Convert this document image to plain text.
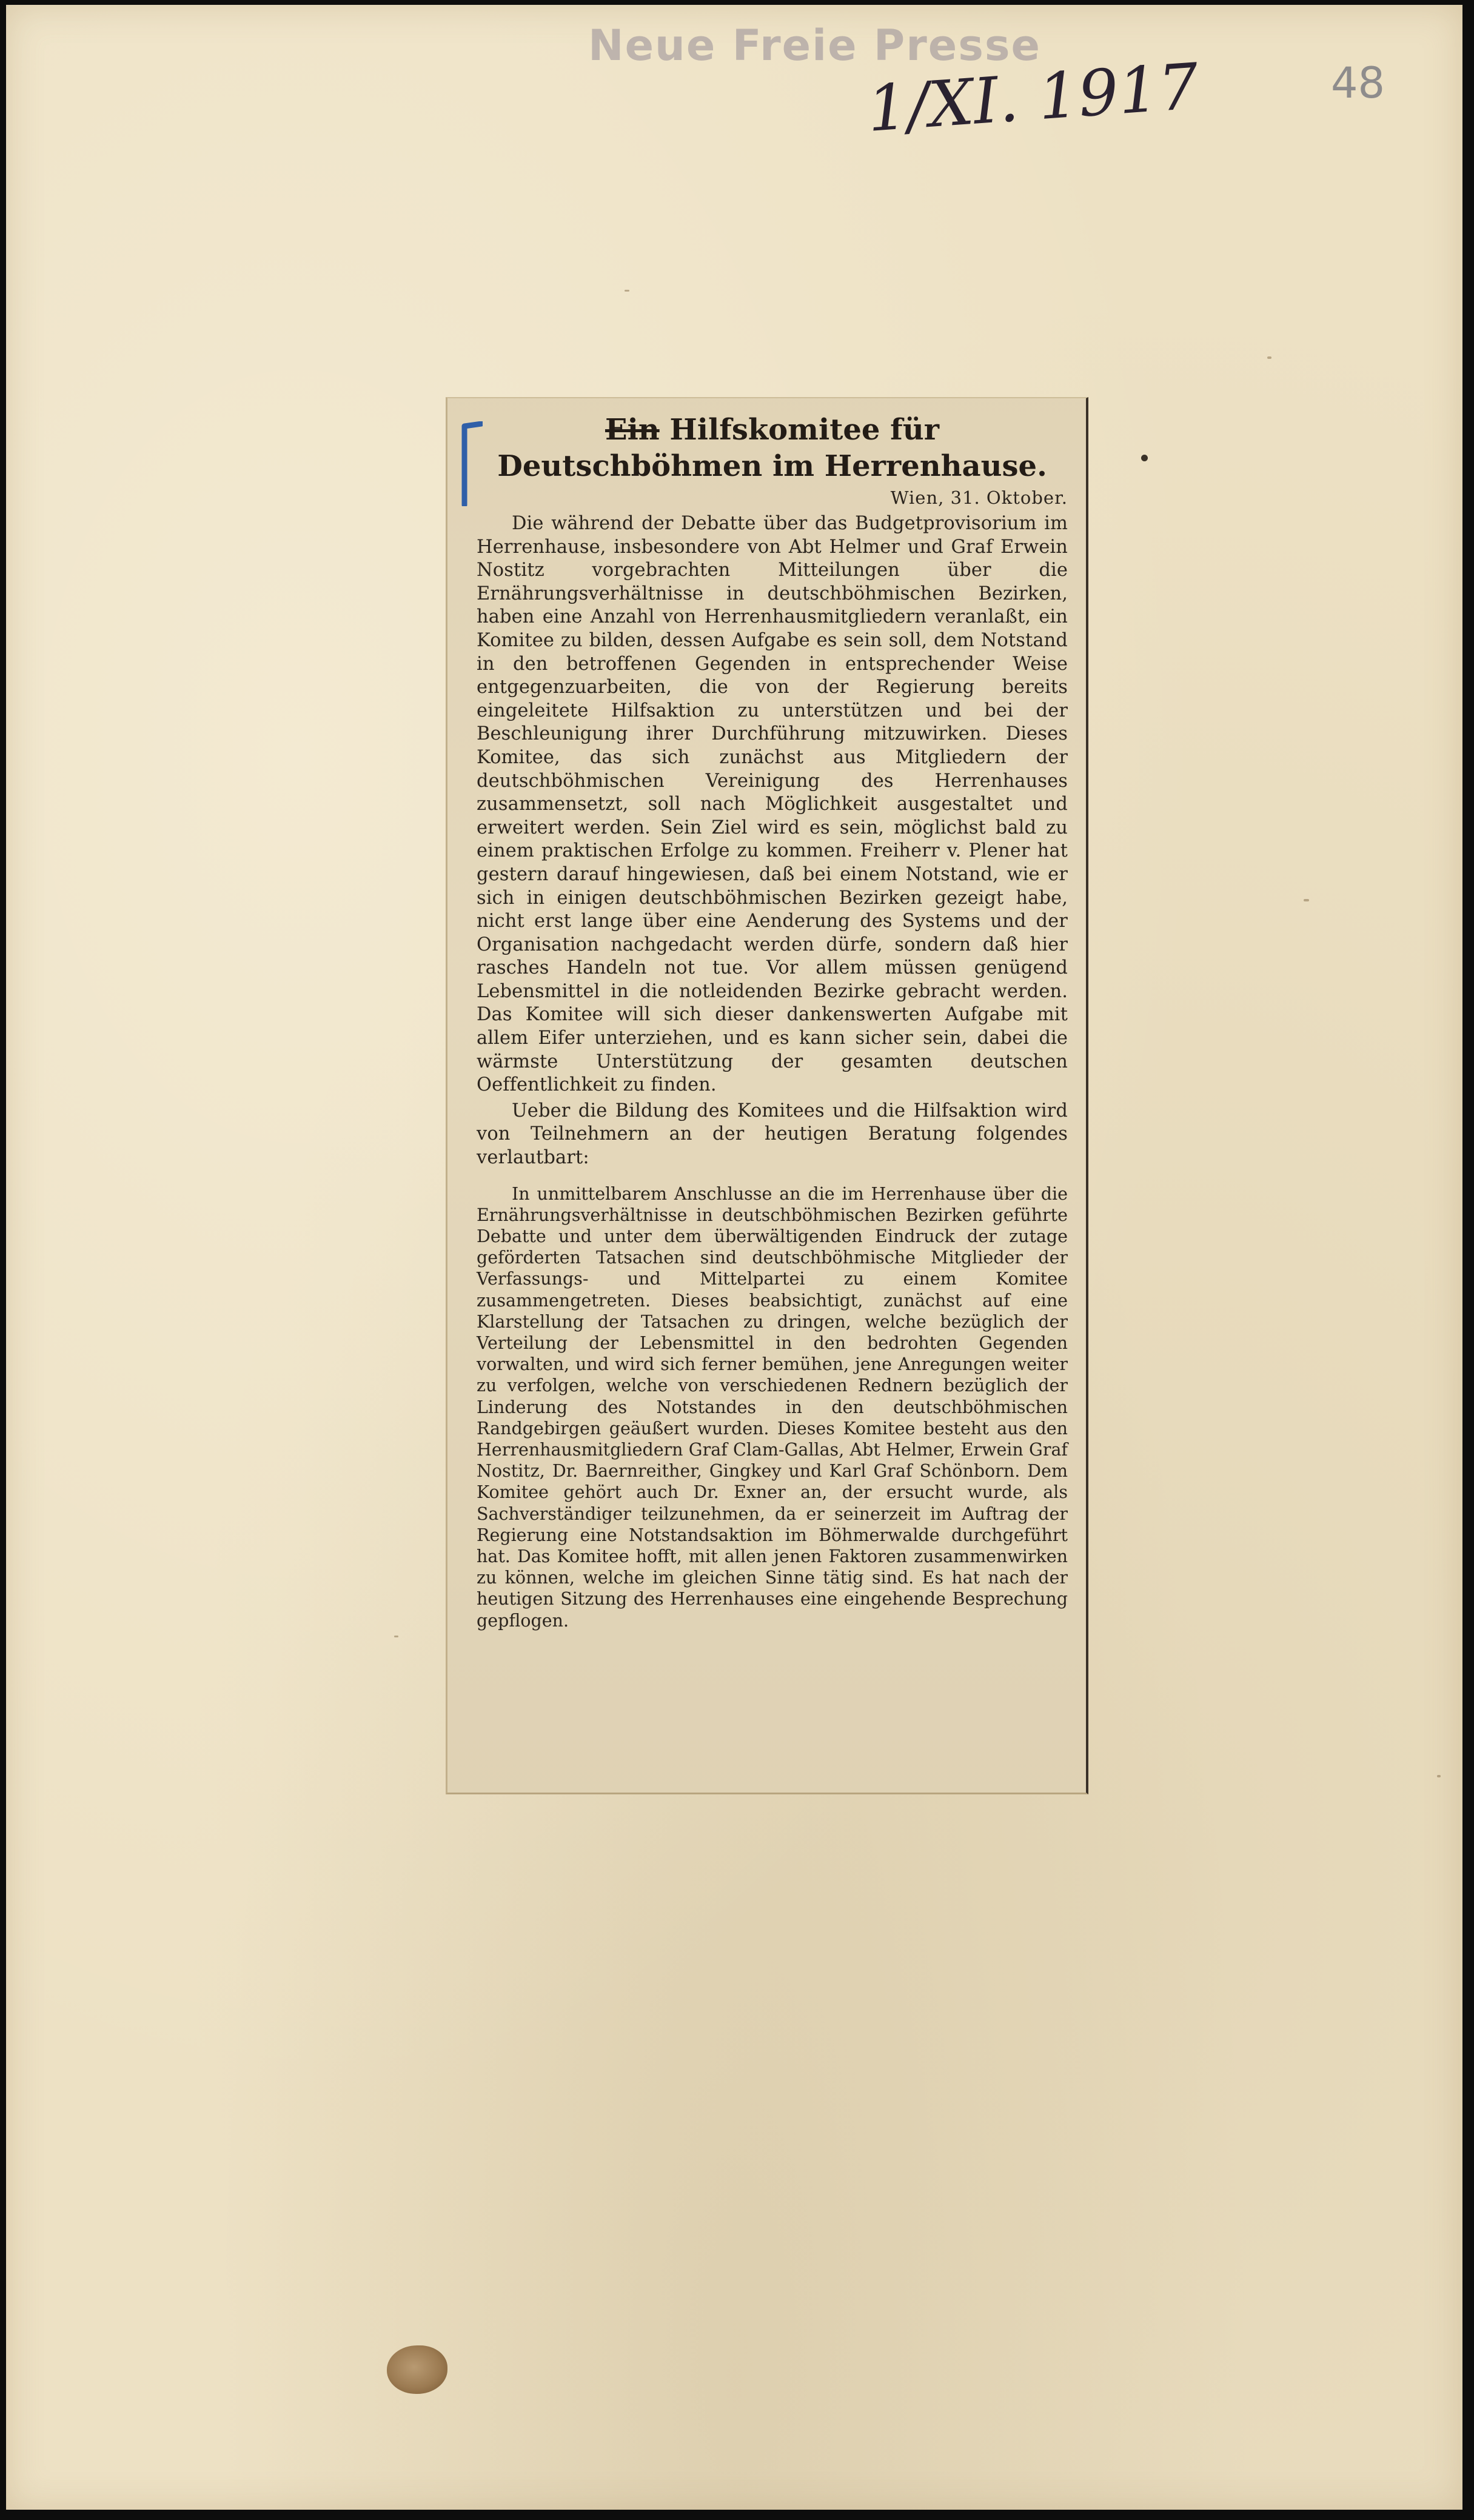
Neue Freie Presse
1/XI. 1917	48
Ein Hilfskomitee für Deutschböhmen im Herrenhause.
Wien, 31. Oktober.

Die während der Debatte über das Budgetprovisorium im Herrenhause, insbesondere von Abt Helmer und Graf Erwein Nostitz vorgebrachten Mitteilungen über die Ernährungsverhältnisse in deutschböhmischen Bezirken, haben eine Anzahl von Herrenhausmitgliedern veranlaßt, ein Komitee zu bilden, dessen Aufgabe es sein soll, dem Notstand in den betroffenen Gegenden in entsprechender Weise entgegenzuarbeiten, die von der Regierung bereits eingeleitete Hilfsaktion zu unterstützen und bei der Beschleunigung ihrer Durchführung mitzuwirken. Dieses Komitee, das sich zunächst aus Mitgliedern der deutschböhmischen Vereinigung des Herrenhauses zusammensetzt, soll nach Möglichkeit ausgestaltet und erweitert werden. Sein Ziel wird es sein, möglichst bald zu einem praktischen Erfolge zu kommen. Freiherr v. Plener hat gestern darauf hingewiesen, daß bei einem Notstand, wie er sich in einigen deutschböhmischen Bezirken gezeigt habe, nicht erst lange über eine Aenderung des Systems und der Organisation nachgedacht werden dürfe, sondern daß hier rasches Handeln not tue. Vor allem müssen genügend Lebensmittel in die notleidenden Bezirke gebracht werden. Das Komitee will sich dieser dankenswerten Aufgabe mit allem Eifer unterziehen, und es kann sicher sein, dabei die wärmste Unterstützung der gesamten deutschen Oeffentlichkeit zu finden.

Ueber die Bildung des Komitees und die Hilfsaktion wird von Teilnehmern an der heutigen Beratung folgendes verlautbart:

In unmittelbarem Anschlusse an die im Herrenhause über die Ernährungsverhältnisse in deutschböhmischen Bezirken geführte Debatte und unter dem überwältigenden Eindruck der zutage geförderten Tatsachen sind deutschböhmische Mitglieder der Verfassungs- und Mittelpartei zu einem Komitee zusammengetreten. Dieses beabsichtigt, zunächst auf eine Klarstellung der Tatsachen zu dringen, welche bezüglich der Verteilung der Lebensmittel in den bedrohten Gegenden vorwalten, und wird sich ferner bemühen, jene Anregungen weiter zu verfolgen, welche von verschiedenen Rednern bezüglich der Linderung des Notstandes in den deutschböhmischen Randgebirgen geäußert wurden. Dieses Komitee besteht aus den Herrenhausmitgliedern Graf Clam-Gallas, Abt Helmer, Erwein Graf Nostitz, Dr. Baernreither, Gingkey und Karl Graf Schönborn. Dem Komitee gehört auch Dr. Exner an, der ersucht wurde, als Sachverständiger teilzunehmen, da er seinerzeit im Auftrag der Regierung eine Notstandsaktion im Böhmerwalde durchgeführt hat. Das Komitee hofft, mit allen jenen Faktoren zusammenwirken zu können, welche im gleichen Sinne tätig sind. Es hat nach der heutigen Sitzung des Herrenhauses eine eingehende Besprechung gepflogen.
